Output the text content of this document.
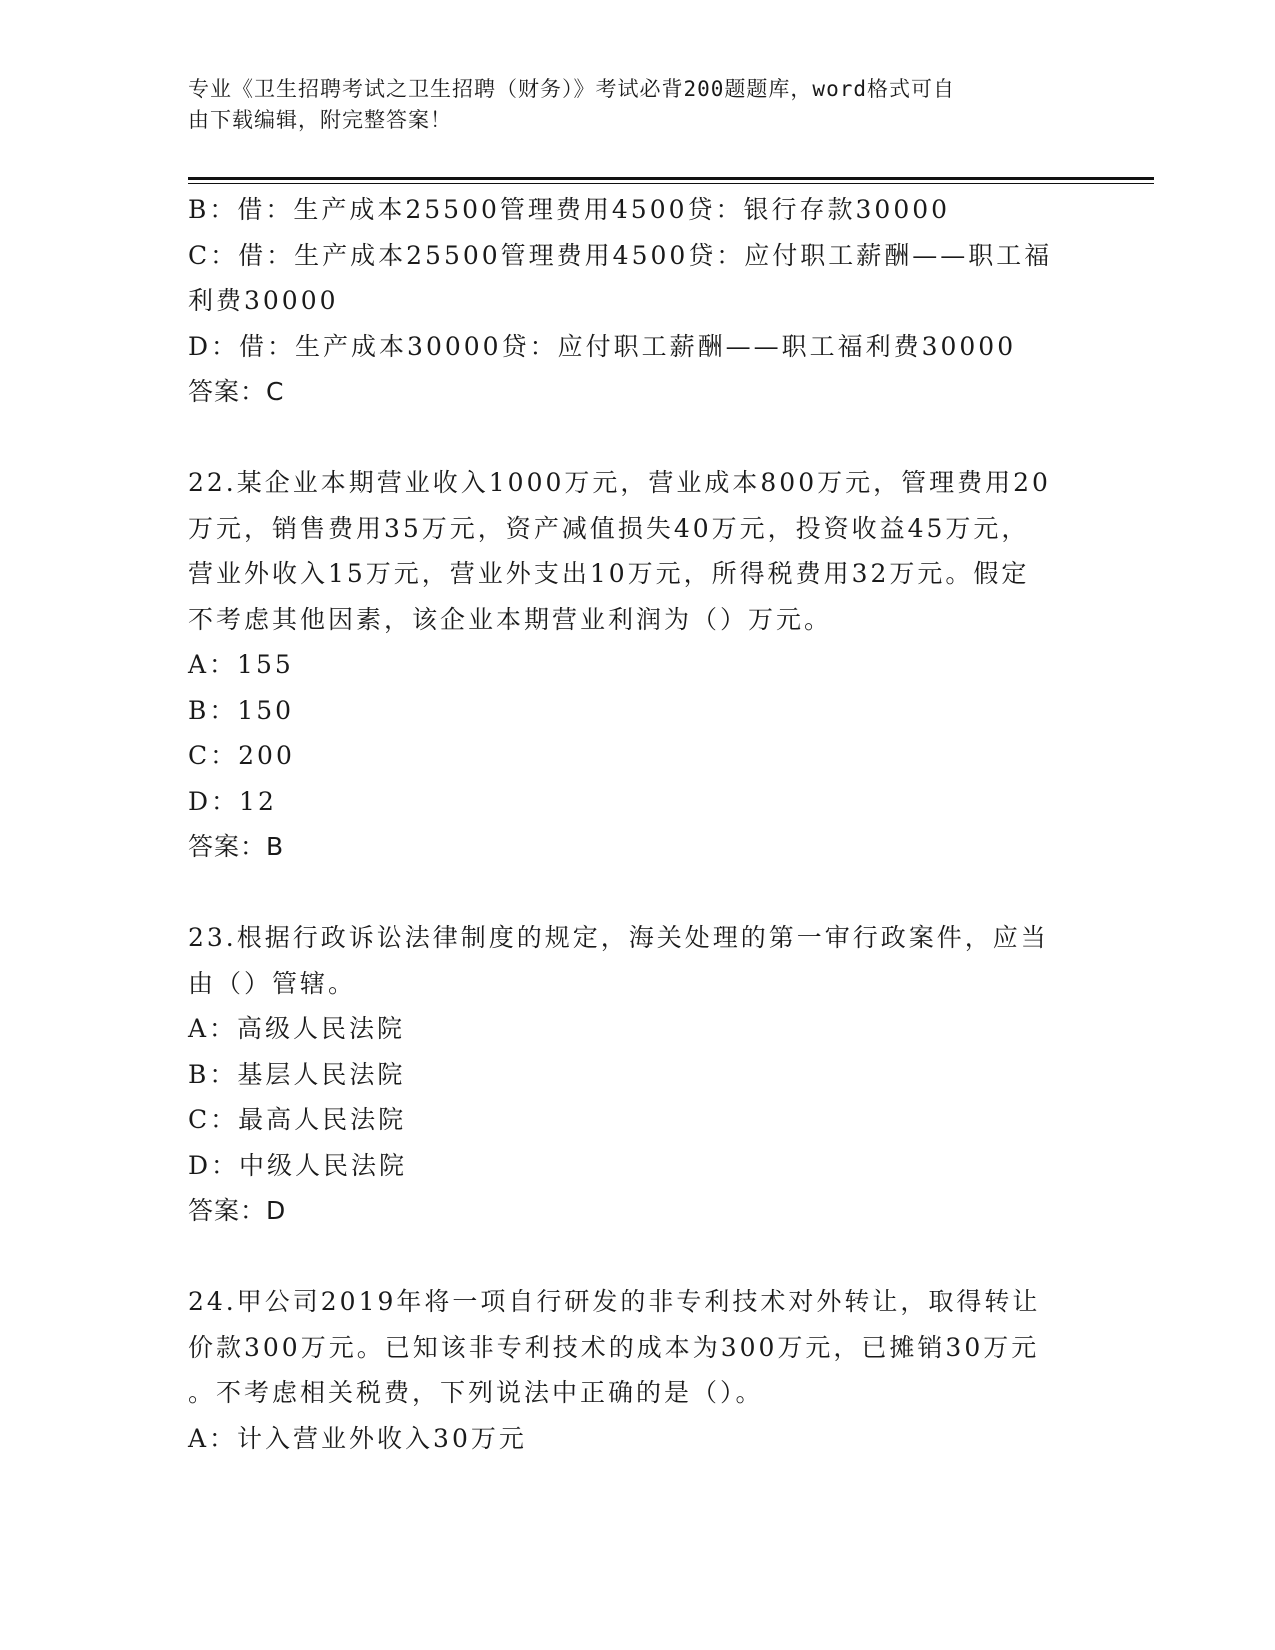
专业《卫生招聘考试之卫生招聘（财务）》考试必背200题题库，word格式可自
由下载编辑，附完整答案！
B：借：生产成本25500管理费用4500贷：银行存款30000
C：借：生产成本25500管理费用4500贷：应付职工薪酬——职工福
利费30000
D：借：生产成本30000贷：应付职工薪酬——职工福利费30000
答案：C
22.某企业本期营业收入1000万元，营业成本800万元，管理费用20
万元，销售费用35万元，资产减值损失40万元，投资收益45万元，
营业外收入15万元，营业外支出10万元，所得税费用32万元。假定
不考虑其他因素，该企业本期营业利润为（）万元。
A：155
B：150
C：200
D：12
答案：B
23.根据行政诉讼法律制度的规定，海关处理的第一审行政案件，应当
由（）管辖。
A：高级人民法院
B：基层人民法院
C：最高人民法院
D：中级人民法院
答案：D
24.甲公司2019年将一项自行研发的非专利技术对外转让，取得转让
价款300万元。已知该非专利技术的成本为300万元，已摊销30万元
。不考虑相关税费，下列说法中正确的是（）。
A：计入营业外收入30万元
